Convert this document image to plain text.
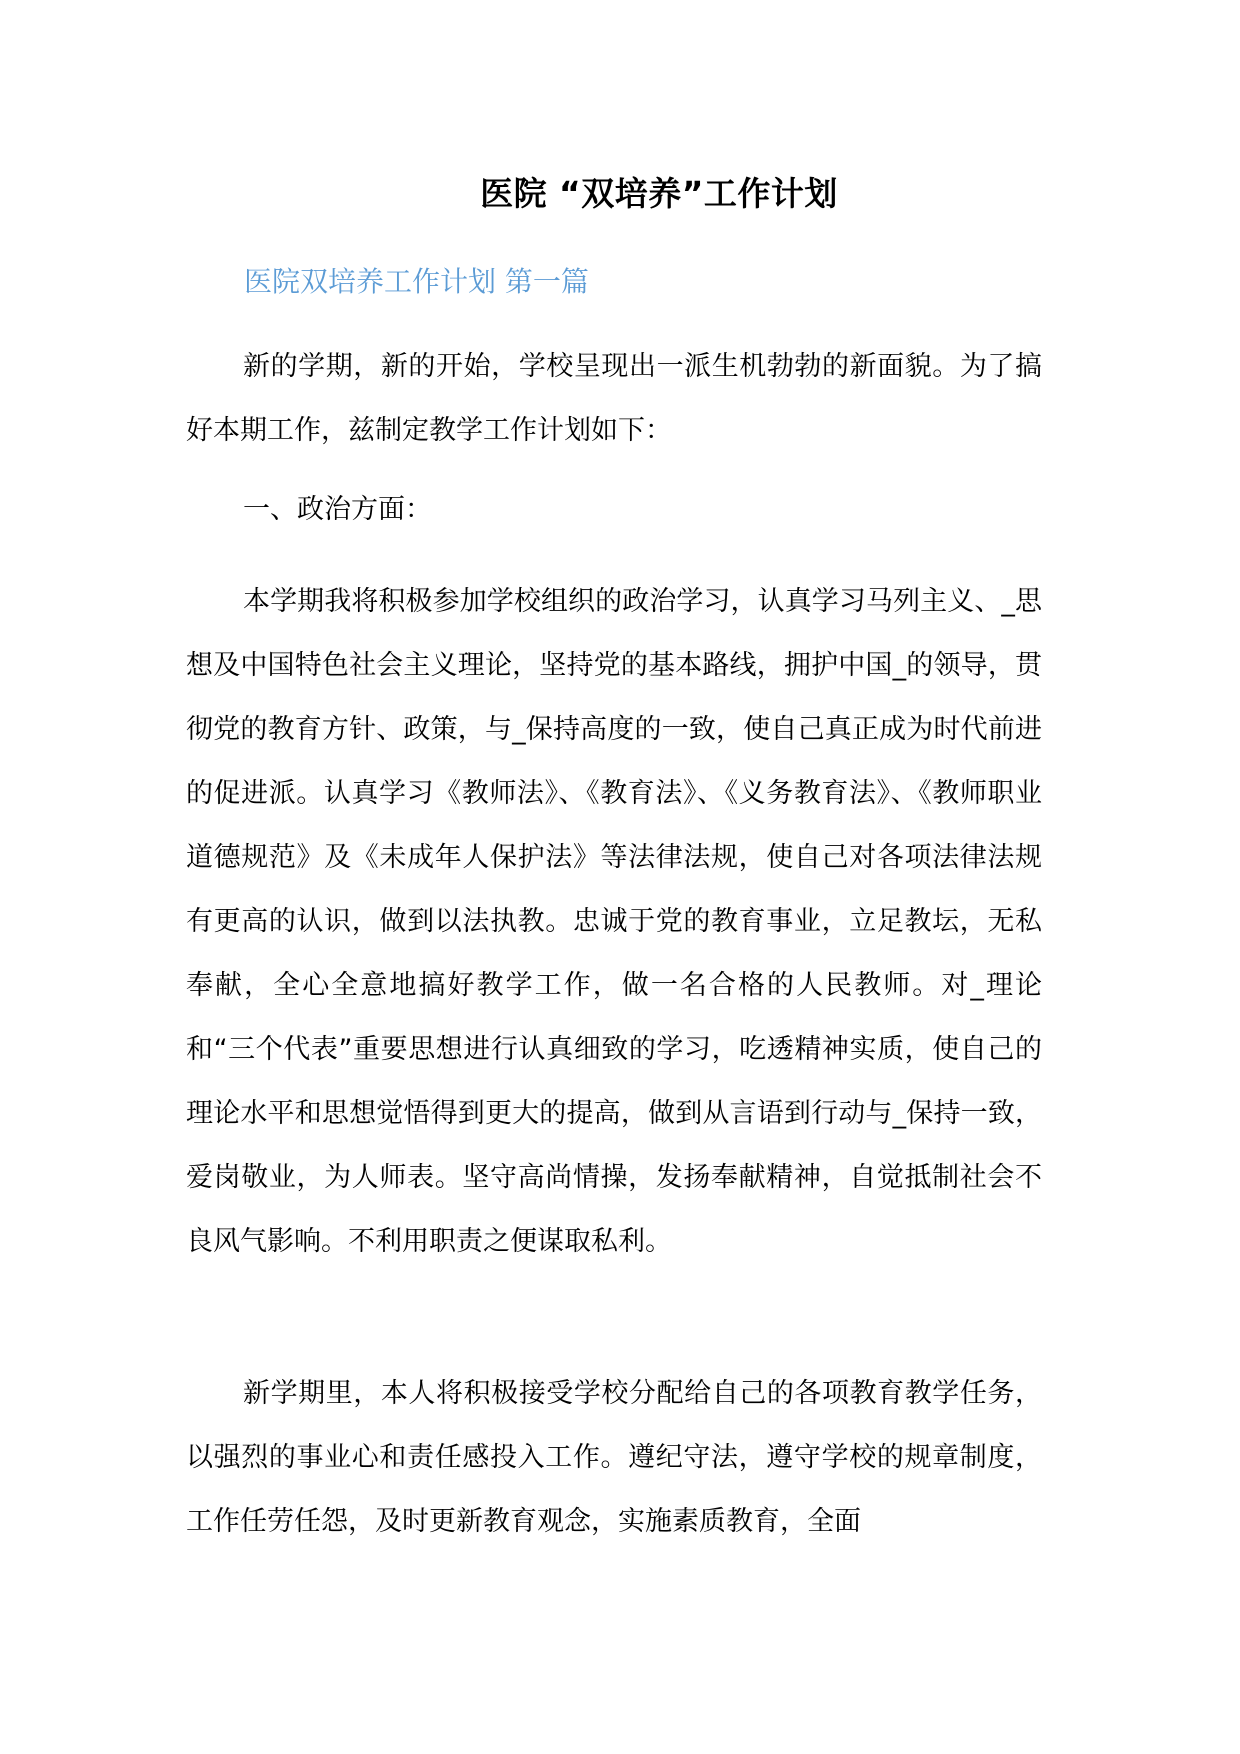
医院 “双培养”工作计划
医院双培养工作计划 第一篇

新的学期，新的开始，学校呈现出一派生机勃勃的新面貌。为了搞好本期工作，兹制定教学工作计划如下：

一、政治方面：

本学期我将积极参加学校组织的政治学习，认真学习马列主义、_思想及中国特色社会主义理论，坚持党的基本路线，拥护中国_的领导，贯彻党的教育方针、政策，与_保持高度的一致，使自己真正成为时代前进的促进派。认真学习《教师法》、《教育法》、《义务教育法》、《教师职业道德规范》及《未成年人保护法》等法律法规，使自己对各项法律法规有更高的认识，做到以法执教。忠诚于党的教育事业，立足教坛，无私奉献，全心全意地搞好教学工作，做一名合格的人民教师。对_理论和“三个代表”重要思想进行认真细致的学习，吃透精神实质，使自己的理论水平和思想觉悟得到更大的提高，做到从言语到行动与_保持一致，爱岗敬业，为人师表。坚守高尚情操，发扬奉献精神，自觉抵制社会不良风气影响。不利用职责之便谋取私利。

新学期里，本人将积极接受学校分配给自己的各项教育教学任务，以强烈的事业心和责任感投入工作。遵纪守法，遵守学校的规章制度，工作任劳任怨，及时更新教育观念，实施素质教育，全面
